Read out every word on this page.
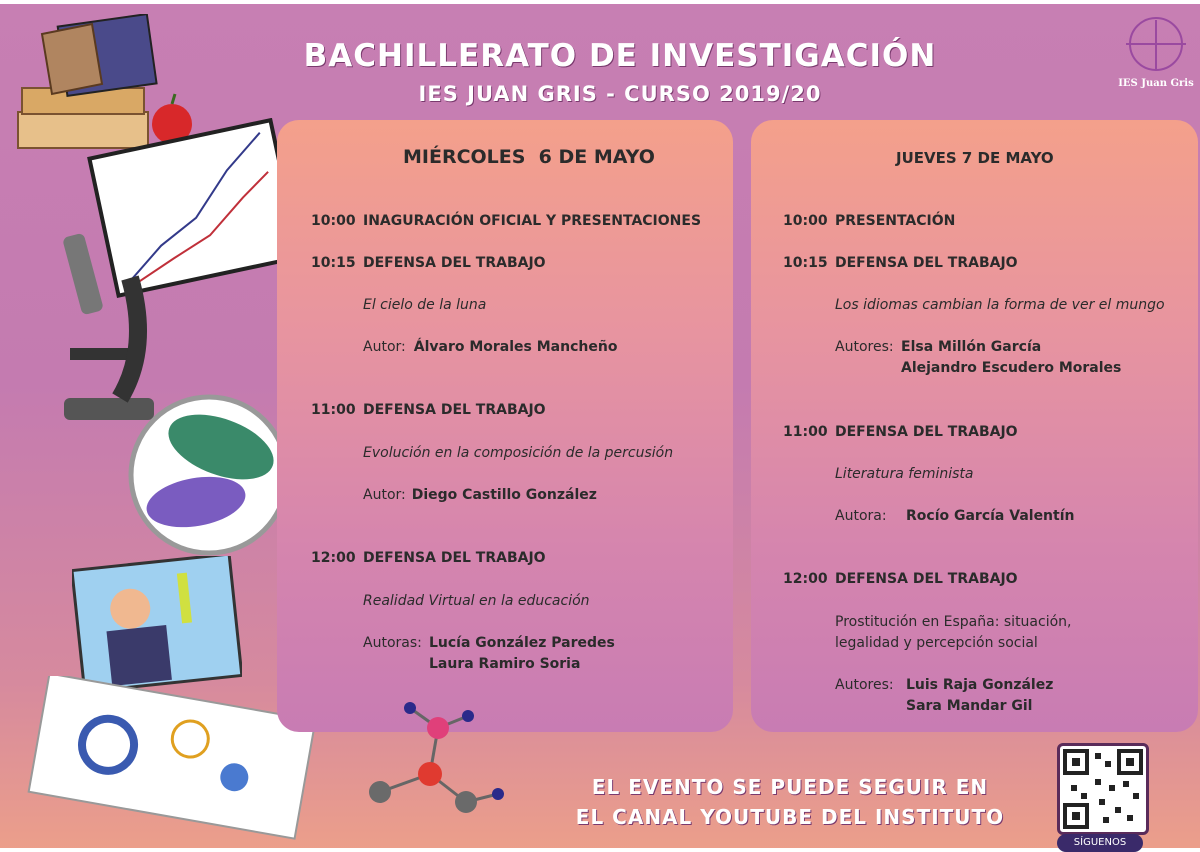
IES Juan Gris
BACHILLERATO DE INVESTIGACIÓN
IES JUAN GRIS - CURSO 2019/20
MIÉRCOLES  6 DE MAYO
10:00 INAGURACIÓN OFICIAL Y PRESENTACIONES
10:15 DEFENSA DEL TRABAJO
El cielo de la luna
Autor: Álvaro Morales Mancheño
11:00 DEFENSA DEL TRABAJO
Evolución en la composición de la percusión
Autor: Diego Castillo González
12:00 DEFENSA DEL TRABAJO
Realidad Virtual en la educación
Autoras: Lucía González Paredes
Laura Ramiro Soria
JUEVES 7 DE MAYO
10:00 PRESENTACIÓN
10:15 DEFENSA DEL TRABAJO
Los idiomas cambian la forma de ver el mungo
Autores: Elsa Millón García
Alejandro Escudero Morales
11:00 DEFENSA DEL TRABAJO
Literatura feminista
Autora: Rocío García Valentín
12:00 DEFENSA DEL TRABAJO
Prostitución en España: situación,
legalidad y percepción social
Autores: Luis Raja González
Sara Mandar Gil
EL EVENTO SE PUEDE SEGUIR EN
EL CANAL YOUTUBE DEL INSTITUTO
SÍGUENOS
